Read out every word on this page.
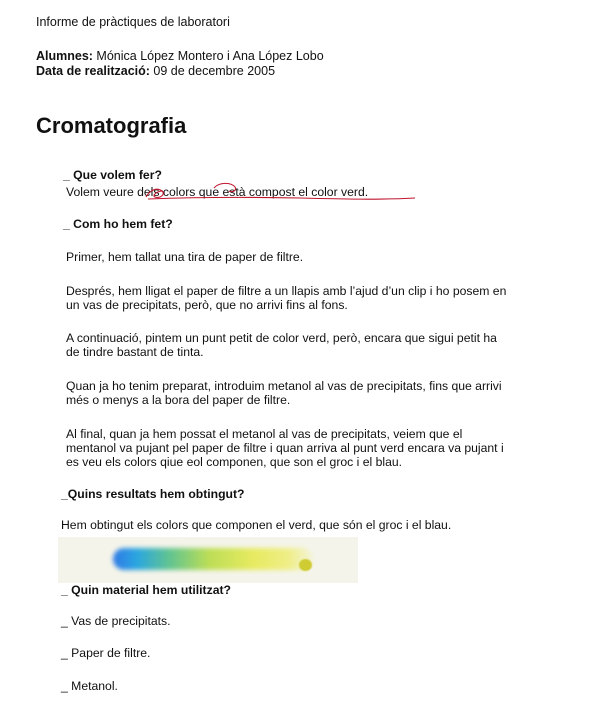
Informe de pràctiques de laboratori
Alumnes: Mónica López Montero i Ana López Lobo
Data de realització: 09 de decembre 2005
Cromatografia
_ Que volem fer?
Volem veure dels colors que està compost el color verd.
_ Com ho hem fet?
Primer, hem tallat una tira de paper de filtre.
Després, hem lligat el paper de filtre a un llapis amb l’ajud d’un clip i ho posem en
un vas de precipitats, però, que no arrivi fins al fons.
A continuació, pintem un punt petit de color verd, però, encara que sigui petit ha
de tindre bastant de tinta.
Quan ja ho tenim preparat, introduim metanol al vas de precipitats, fins que arrivi
més o menys a la bora del paper de filtre.
Al final, quan ja hem possat el metanol al vas de precipitats, veiem que el
mentanol va pujant pel paper de filtre i quan arriva al punt verd encara va pujant i
es veu els colors qiue eol componen, que son el groc i el blau.
_Quins resultats hem obtingut?
Hem obtingut els colors que componen el verd, que són el groc i el blau.
_ Quin material hem utilitzat?
_ Vas de precipitats.
_ Paper de filtre.
_ Metanol.
